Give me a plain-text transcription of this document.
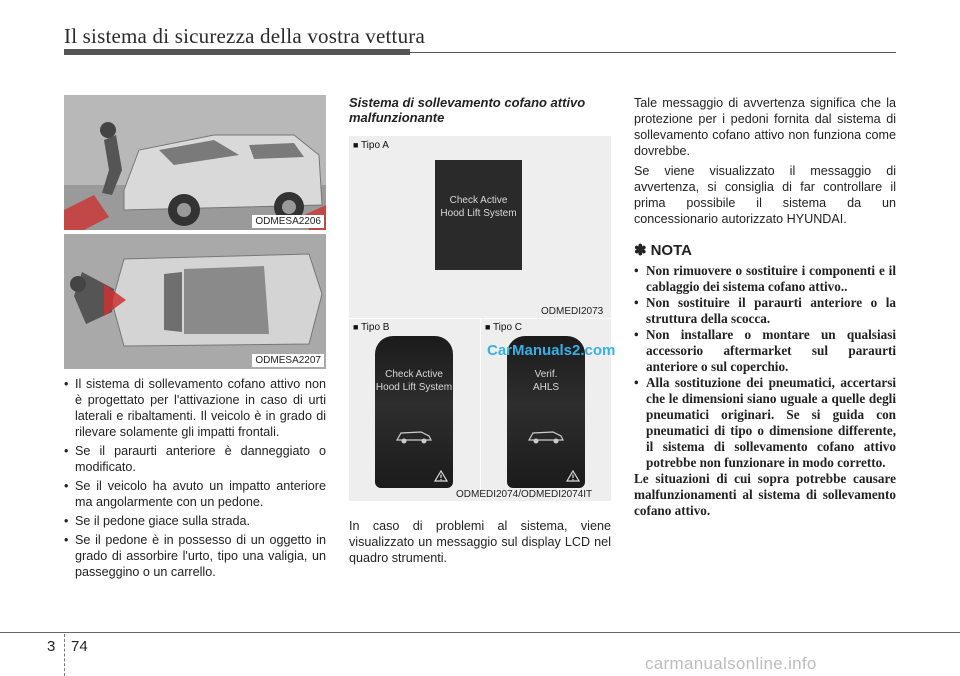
Il sistema di sicurezza della vostra vettura
ODMESA2206
ODMESA2207
• Il sistema di sollevamento cofano attivo non è progettato per l'attivazione in caso di urti laterali e ribaltamenti. Il veicolo è in grado di rilevare solamente gli impatti frontali.
• Se il paraurti anteriore è danneggiato o modificato.
• Se il veicolo ha avuto un impatto anteriore ma angolarmente con un pedone.
• Se il pedone giace sulla strada.
• Se il pedone è in possesso di un oggetto in grado di assorbire l'urto, tipo una valigia, un passeggino o un carrello.
Sistema di sollevamento cofano attivo malfunzionante
■ Tipo A
Check Active
Hood Lift System
ODMEDI2073
■ Tipo B
■	Tipo C
Check Active
Hood Lift System
Verif.
AHLS
CarManuals2.com
ODMEDI2074/ODMEDI2074IT
In caso di problemi al sistema, viene visualizzato un messaggio sul display LCD nel quadro strumenti.

Tale messaggio di avvertenza significa che la protezione per i pedoni fornita dal sistema di sollevamento cofano attivo non funziona come dovrebbe.

Se viene visualizzato il messaggio di avvertenza, si consiglia di far controllare il prima possibile il sistema da un concessionario autorizzato HYUNDAI.

✽ NOTA
• Non rimuovere o sostituire i componenti e il cablaggio dei sistema cofano attivo..
• Non sostituire il paraurti anteriore o la struttura della scocca.
• Non installare o montare un qualsiasi accessorio aftermarket sul paraurti anteriore o sul coperchio.
• Alla sostituzione dei pneumatici, accertarsi che le dimensioni siano uguale a quelle degli pneumatici originari. Se si guida con pneumatici di tipo o dimensione differente, il sistema di sollevamento cofano attivo potrebbe non funzionare in modo corretto.
Le situazioni di cui sopra potrebbe causare malfunzionamenti al sistema di sollevamento cofano attivo.
3 74
carmanualsonline.info
